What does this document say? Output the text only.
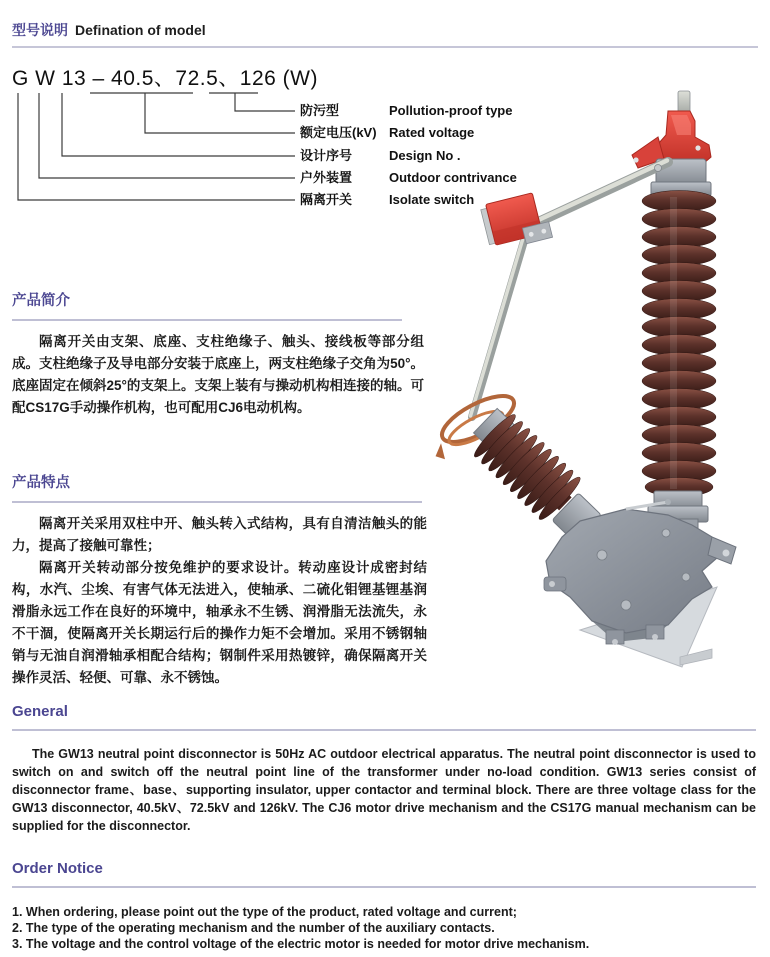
型号说明 Defination of model
G W 13 – 40.5、72.5、126 (W)
防污型	Pollution-proof type
额定电压(kV) Rated voltage
设计序号	Design No .
户外装置	Outdoor contrivance
隔离开关	Isolate switch
产品简介

隔离开关由支架、底座、支柱绝缘子、触头、接线板等部分组成。支柱绝缘子及导电部分安装于底座上，两支柱绝缘子交角为50°。底座固定在倾斜25°的支架上。支架上装有与操动机构相连接的轴。可配CS17G手动操作机构，也可配用CJ6电动机构。

产品特点

隔离开关采用双柱中开、触头转入式结构，具有自清洁触头的能力，提高了接触可靠性；

隔离开关转动部分按免维护的要求设计。转动座设计成密封结构，水汽、尘埃、有害气体无法进入，使轴承、二硫化钼锂基锂基润滑脂永远工作在良好的环境中，轴承永不生锈、润滑脂无法流失，永不干涸，使隔离开关长期运行后的操作力矩不会增加。采用不锈钢轴销与无油自润滑轴承相配合结构；钢制件采用热镀锌，确保隔离开关操作灵活、轻便、可靠、永不锈蚀。

General

The GW13 neutral point disconnector is 50Hz AC outdoor electrical apparatus. The neutral point disconnector is used to switch on and switch off the neutral point line of the transformer under no-load condition. GW13 series consist of disconnector frame、base、supporting insulator, upper contactor and terminal block. There are three voltage class for the GW13 disconnector, 40.5kV、72.5kV and 126kV. The CJ6 motor drive mechanism and the CS17G manual mechanism can be supplied for the disconnector.

Order Notice
1. When ordering, please point out the type of the product, rated voltage and current;
2. The type of the operating mechanism and the number of the auxiliary contacts.
3. The voltage and the control voltage of the electric motor is needed for motor drive mechanism.
